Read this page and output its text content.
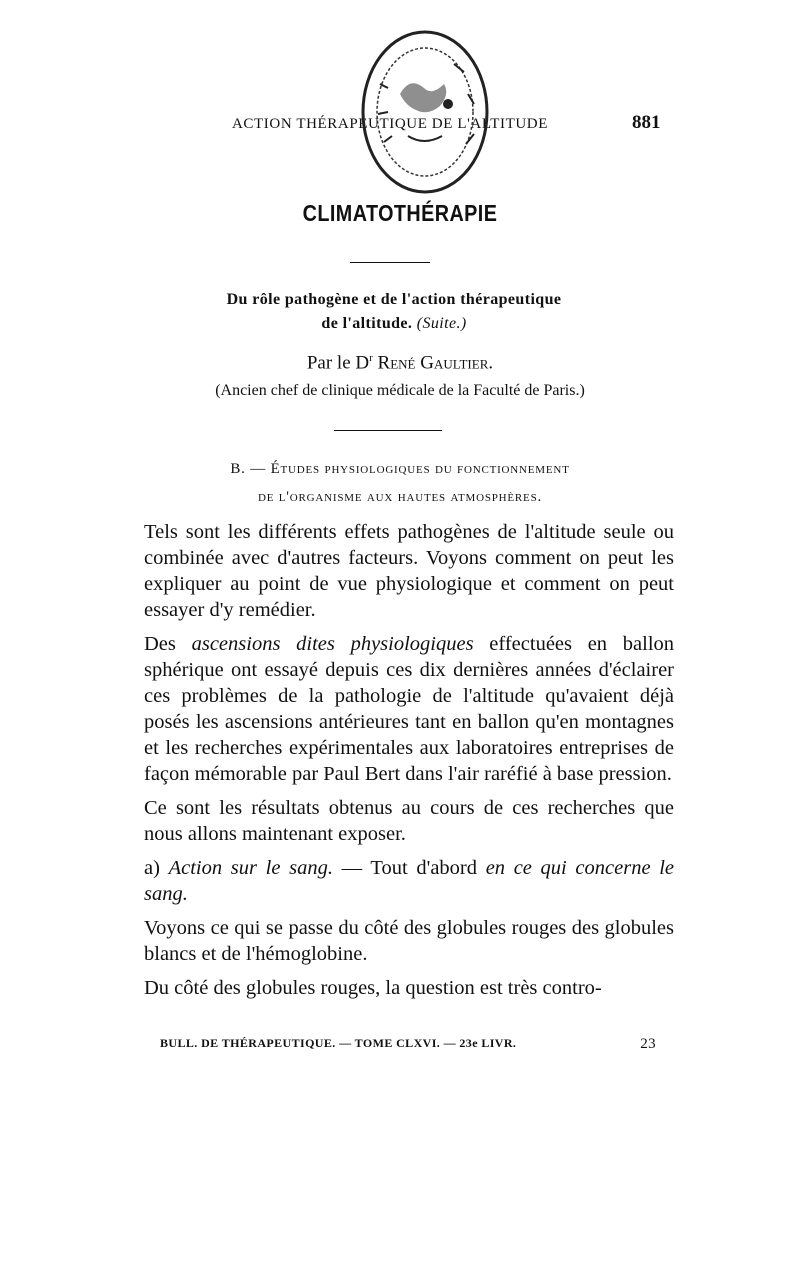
ACTION THÉRAPEUTIQUE DE L'ALTITUDE	881
CLIMATOTHÉRAPIE
Du rôle pathogène et de l'action thérapeutique
de l'altitude. (Suite.)
Par le $D^r$ René Gaultier.
(Ancien chef de clinique médicale de la Faculté de Paris.)
B. — Études physiologiques du fonctionnement
de l'organisme aux hautes atmosphères.

Tels sont les différents effets pathogènes de l'altitude seule ou combinée avec d'autres facteurs. Voyons comment on peut les expliquer au point de vue physiologique et comment on peut essayer d'y remédier.

Des ascensions dites physiologiques effectuées en ballon sphérique ont essayé depuis ces dix dernières années d'éclairer ces problèmes de la pathologie de l'altitude qu'avaient déjà posés les ascensions antérieures tant en ballon qu'en montagnes et les recherches expérimentales aux laboratoires entreprises de façon mémorable par Paul Bert dans l'air raréfié à base pression.

Ce sont les résultats obtenus au cours de ces recherches que nous allons maintenant exposer.

a) Action sur le sang. — Tout d'abord en ce qui concerne le sang.

Voyons ce qui se passe du côté des globules rouges des globules blancs et de l'hémoglobine.

Du côté des globules rouges, la question est très contro-

BULL. DE THÉRAPEUTIQUE. — TOME CLXVI. — 23e LIVR.	23
